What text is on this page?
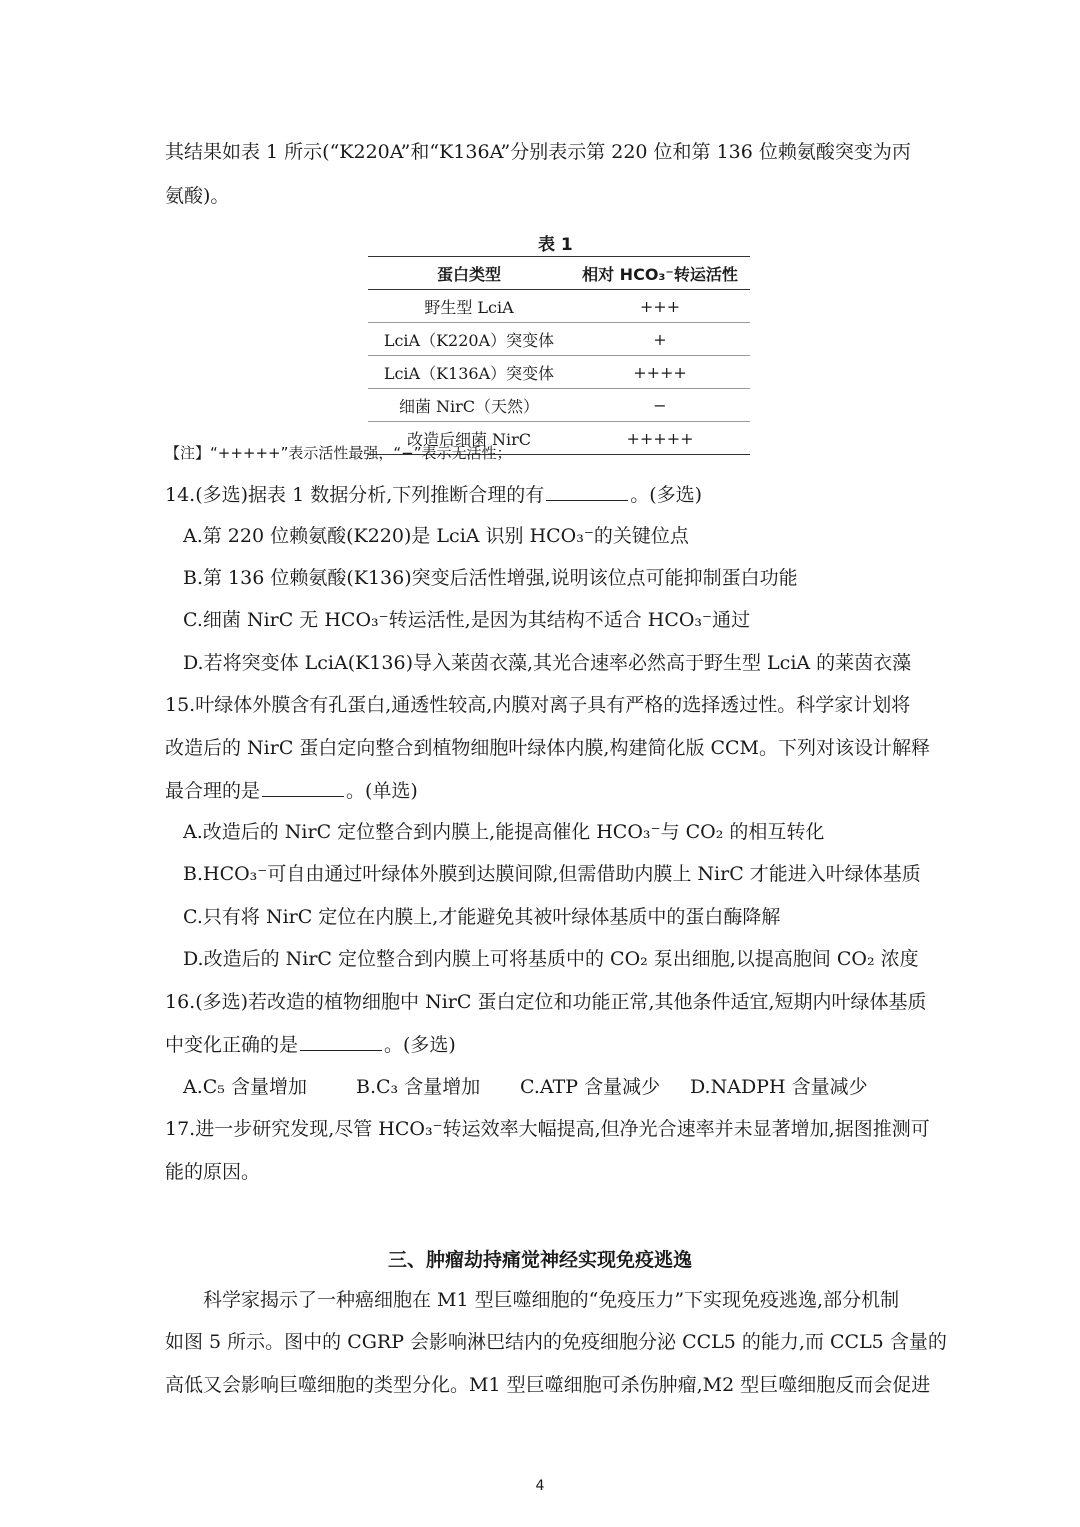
其结果如表 1 所示(“K220A”和“K136A”分别表示第 220 位和第 136 位赖氨酸突变为丙
氨酸)。
表 1
蛋白类型	相对 HCO₃⁻转运活性
野生型 LciA	+++
LciA（K220A）突变体	+
LciA（K136A）突变体	++++
细菌 NirC（天然）	−
改造后细菌 NirC	+++++
【注】“+++++”表示活性最强，“−”表示无活性；
14.(多选)据表 1 数据分析,下列推断合理的有	。(多选)
A.第 220 位赖氨酸(K220)是 LciA 识别 HCO₃⁻的关键位点
B.第 136 位赖氨酸(K136)突变后活性增强,说明该位点可能抑制蛋白功能
C.细菌 NirC 无 HCO₃⁻转运活性,是因为其结构不适合 HCO₃⁻通过
D.若将突变体 LciA(K136)导入莱茵衣藻,其光合速率必然高于野生型 LciA 的莱茵衣藻
15.叶绿体外膜含有孔蛋白,通透性较高,内膜对离子具有严格的选择透过性。科学家计划将
改造后的 NirC 蛋白定向整合到植物细胞叶绿体内膜,构建简化版 CCM。下列对该设计解释
最合理的是	。(单选)
A.改造后的 NirC 定位整合到内膜上,能提高催化 HCO₃⁻与 CO₂ 的相互转化
B.HCO₃⁻可自由通过叶绿体外膜到达膜间隙,但需借助内膜上 NirC 才能进入叶绿体基质
C.只有将 NirC 定位在内膜上,才能避免其被叶绿体基质中的蛋白酶降解
D.改造后的 NirC 定位整合到内膜上可将基质中的 CO₂ 泵出细胞,以提高胞间 CO₂ 浓度
16.(多选)若改造的植物细胞中 NirC 蛋白定位和功能正常,其他条件适宜,短期内叶绿体基质
中变化正确的是	。(多选)
A.C₅ 含量增加	B.C₃ 含量增加 C.ATP 含量减少 D.NADPH 含量减少
17.进一步研究发现,尽管 HCO₃⁻转运效率大幅提高,但净光合速率并未显著增加,据图推测可
能的原因。
三、肿瘤劫持痛觉神经实现免疫逃逸
科学家揭示了一种癌细胞在 M1 型巨噬细胞的“免疫压力”下实现免疫逃逸,部分机制
如图 5 所示。图中的 CGRP 会影响淋巴结内的免疫细胞分泌 CCL5 的能力,而 CCL5 含量的
高低又会影响巨噬细胞的类型分化。M1 型巨噬细胞可杀伤肿瘤,M2 型巨噬细胞反而会促进
4
